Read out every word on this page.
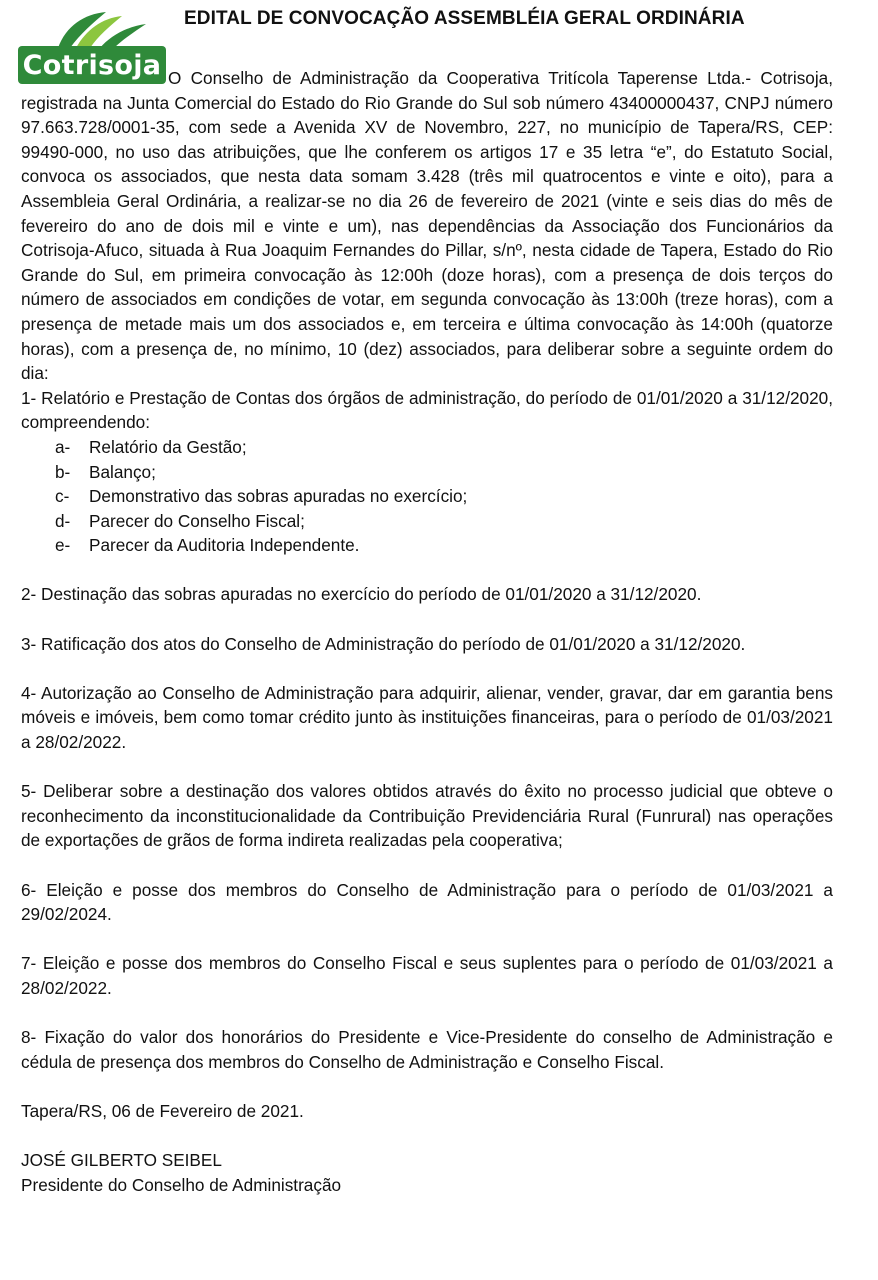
Cotrisoja
EDITAL DE CONVOCAÇÃO ASSEMBLÉIA GERAL ORDINÁRIA

O Conselho de Administração da Cooperativa Tritícola Taperense Ltda.- Cotrisoja, registrada na Junta Comercial do Estado do Rio Grande do Sul sob número 43400000437, CNPJ número 97.663.728/0001-35, com sede a Avenida XV de Novembro, 227, no município de Tapera/RS, CEP: 99490-000, no uso das atribuições, que lhe conferem os artigos 17 e 35 letra “e”, do Estatuto Social, convoca os associados, que nesta data somam 3.428 (três mil quatrocentos e vinte e oito), para a Assembleia Geral Ordinária, a realizar-se no dia 26 de fevereiro de 2021 (vinte e seis dias do mês de fevereiro do ano de dois mil e vinte e um), nas dependências da Associação dos Funcionários da Cotrisoja-Afuco, situada à Rua Joaquim Fernandes do Pillar, s/nº, nesta cidade de Tapera, Estado do Rio Grande do Sul, em primeira convocação às 12:00h (doze horas), com a presença de dois terços do número de associados em condições de votar, em segunda convocação às 13:00h (treze horas), com a presença de metade mais um dos associados e, em terceira e última convocação às 14:00h (quatorze horas), com a presença de, no mínimo, 10 (dez) associados, para deliberar sobre a seguinte ordem do dia:

1- Relatório e Prestação de Contas dos órgãos de administração, do período de 01/01/2020 a 31/12/2020, compreendendo:

a-	Relatório da Gestão;
b-	Balanço;
c-	Demonstrativo das sobras apuradas no exercício;
d-	Parecer do Conselho Fiscal;
e-	Parecer da Auditoria Independente.

2- Destinação das sobras apuradas no exercício do período de 01/01/2020 a 31/12/2020.

3- Ratificação dos atos do Conselho de Administração do período de 01/01/2020 a 31/12/2020.

4- Autorização ao Conselho de Administração para adquirir, alienar, vender, gravar, dar em garantia bens móveis e imóveis, bem como tomar crédito junto às instituições financeiras, para o período de 01/03/2021 a 28/02/2022.

5- Deliberar sobre a destinação dos valores obtidos através do êxito no processo judicial que obteve o reconhecimento da inconstitucionalidade da Contribuição Previdenciária Rural (Funrural) nas operações de exportações de grãos de forma indireta realizadas pela cooperativa;

6- Eleição e posse dos membros do Conselho de Administração para o período de 01/03/2021 a 29/02/2024.

7- Eleição e posse dos membros do Conselho Fiscal e seus suplentes para o período de 01/03/2021 a 28/02/2022.

8- Fixação do valor dos honorários do Presidente e Vice-Presidente do conselho de Administração e cédula de presença dos membros do Conselho de Administração e Conselho Fiscal.

Tapera/RS, 06 de Fevereiro de 2021.

JOSÉ GILBERTO SEIBEL
Presidente do Conselho de Administração
